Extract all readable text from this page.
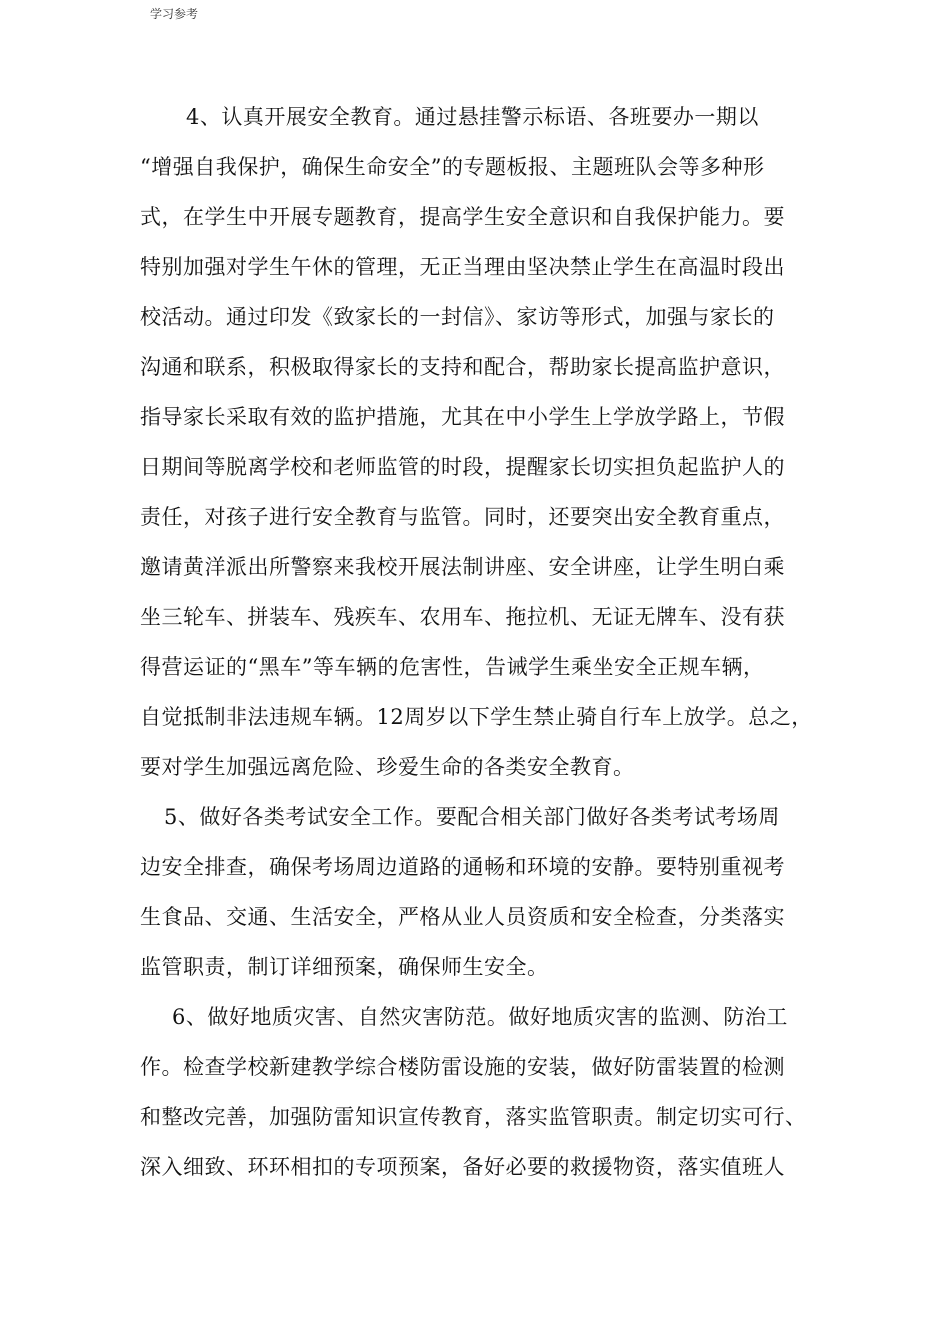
学习参考

4、认真开展安全教育。通过悬挂警示标语、各班要办一期以
“增强自我保护，确保生命安全”的专题板报、主题班队会等多种形
式，在学生中开展专题教育，提高学生安全意识和自我保护能力。要
特别加强对学生午休的管理，无正当理由坚决禁止学生在高温时段出
校活动。通过印发《致家长的一封信》、家访等形式，加强与家长的
沟通和联系，积极取得家长的支持和配合，帮助家长提高监护意识，
指导家长采取有效的监护措施，尤其在中小学生上学放学路上，节假
日期间等脱离学校和老师监管的时段，提醒家长切实担负起监护人的
责任，对孩子进行安全教育与监管。同时，还要突出安全教育重点，
邀请黄洋派出所警察来我校开展法制讲座、安全讲座，让学生明白乘
坐三轮车、拼装车、残疾车、农用车、拖拉机、无证无牌车、没有获
得营运证的“黑车”等车辆的危害性，告诫学生乘坐安全正规车辆，
自觉抵制非法违规车辆。12周岁以下学生禁止骑自行车上放学。总之，
要对学生加强远离危险、珍爱生命的各类安全教育。

5、做好各类考试安全工作。要配合相关部门做好各类考试考场周
边安全排查，确保考场周边道路的通畅和环境的安静。要特别重视考
生食品、交通、生活安全，严格从业人员资质和安全检查，分类落实
监管职责，制订详细预案，确保师生安全。

6、做好地质灾害、自然灾害防范。做好地质灾害的监测、防治工
作。检查学校新建教学综合楼防雷设施的安装，做好防雷装置的检测
和整改完善，加强防雷知识宣传教育，落实监管职责。制定切实可行、
深入细致、环环相扣的专项预案，备好必要的救援物资，落实值班人
